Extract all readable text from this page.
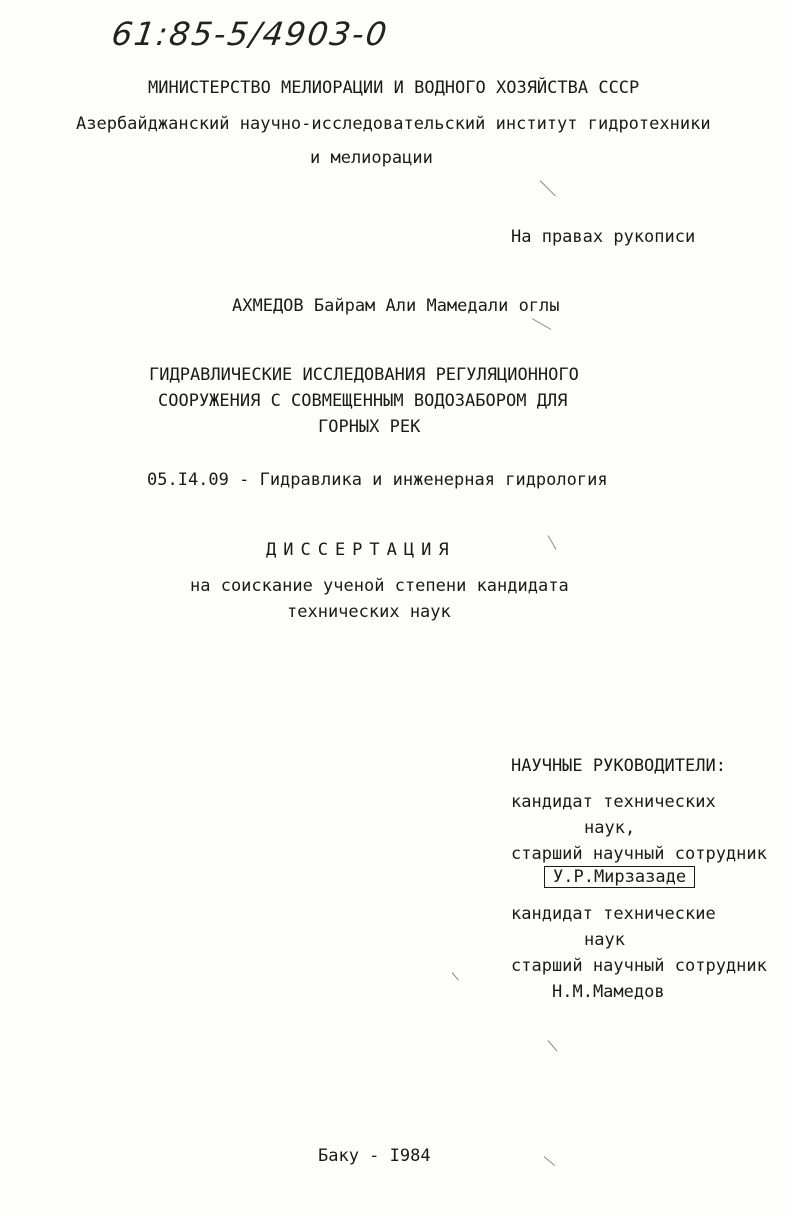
61:85-5/4903-0
МИНИСТЕРСТВО МЕЛИОРАЦИИ И ВОДНОГО ХОЗЯЙСТВА СССР
Азербайджанский научно-исследовательский институт гидротехники
и мелиорации
На правах рукописи
АХМЕДОВ Байрам Али Мамедали оглы
ГИДРАВЛИЧЕСКИЕ ИССЛЕДОВАНИЯ РЕГУЛЯЦИОННОГО
СООРУЖЕНИЯ С СОВМЕЩЕННЫМ ВОДОЗАБОРОМ ДЛЯ
ГОРНЫХ РЕК
05.I4.09 - Гидравлика и инженерная гидрология
ДИССЕРТАЦИЯ
на соискание ученой степени кандидата
технических наук
НАУЧНЫЕ РУКОВОДИТЕЛИ:
кандидат технических
наук,
старший научный сотрудник
У.Р.Мирзазаде
кандидат технические
наук
старший научный сотрудник
Н.М.Мамедов
Баку - I984
